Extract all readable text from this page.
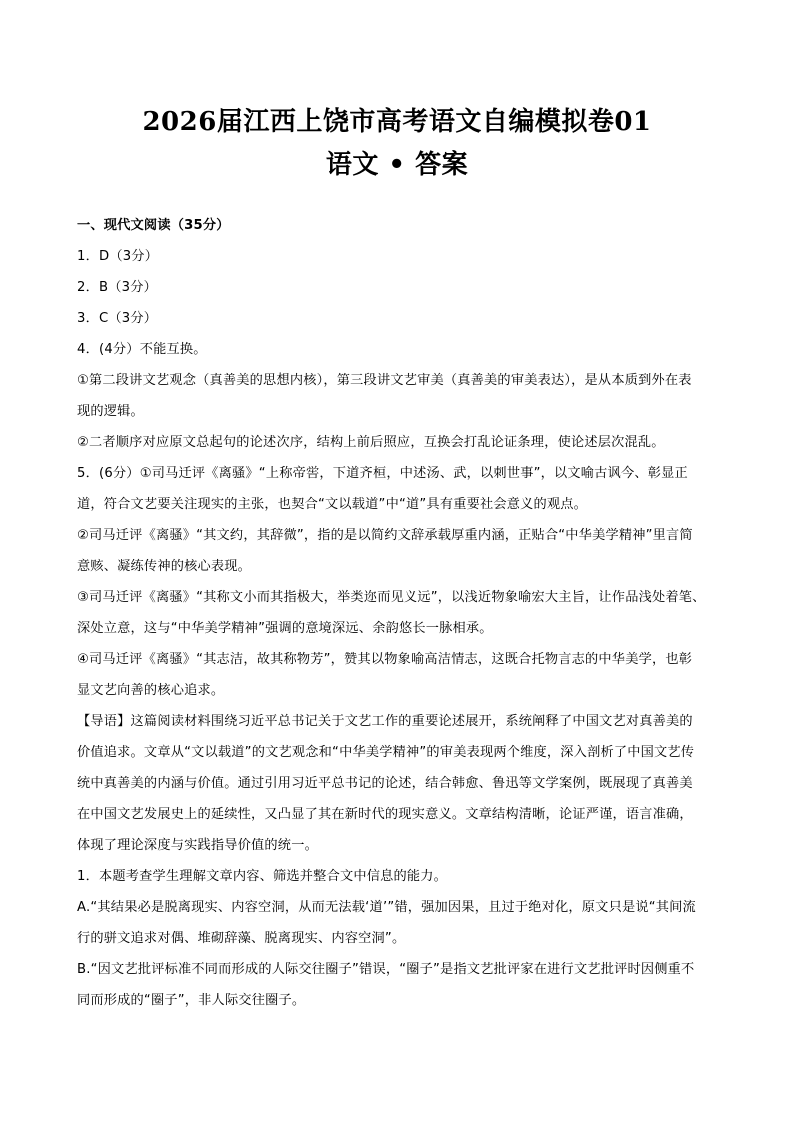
2026届江西上饶市高考语文自编模拟卷01
语文 • 答案
一、现代文阅读（35分）
1．D（3分）
2．B（3分）
3．C（3分）
4．(4分）不能互换。
①第二段讲文艺观念（真善美的思想内核），第三段讲文艺审美（真善美的审美表达），是从本质到外在表
现的逻辑。
②二者顺序对应原文总起句的论述次序，结构上前后照应，互换会打乱论证条理，使论述层次混乱。
5．(6分）①司马迁评《离骚》“上称帝喾，下道齐桓，中述汤、武，以刺世事”，以文喻古讽今、彰显正
道，符合文艺要关注现实的主张，也契合“文以载道”中“道”具有重要社会意义的观点。
②司马迁评《离骚》“其文约，其辞微”，指的是以简约文辞承载厚重内涵，正贴合“中华美学精神”里言简
意赅、凝练传神的核心表现。
③司马迁评《离骚》“其称文小而其指极大，举类迩而见义远”，以浅近物象喻宏大主旨，让作品浅处着笔、
深处立意，这与“中华美学精神”强调的意境深远、余韵悠长一脉相承。
④司马迁评《离骚》“其志洁，故其称物芳”，赞其以物象喻高洁情志，这既合托物言志的中华美学，也彰
显文艺向善的核心追求。
【导语】这篇阅读材料围绕习近平总书记关于文艺工作的重要论述展开，系统阐释了中国文艺对真善美的
价值追求。文章从“文以载道”的文艺观念和“中华美学精神”的审美表现两个维度，深入剖析了中国文艺传
统中真善美的内涵与价值。通过引用习近平总书记的论述，结合韩愈、鲁迅等文学案例，既展现了真善美
在中国文艺发展史上的延续性，又凸显了其在新时代的现实意义。文章结构清晰，论证严谨，语言准确，
体现了理论深度与实践指导价值的统一。
1．本题考查学生理解文章内容、筛选并整合文中信息的能力。
A.“其结果必是脱离现实、内容空洞，从而无法载‘道’”错，强加因果，且过于绝对化，原文只是说“其间流
行的骈文追求对偶、堆砌辞藻、脱离现实、内容空洞”。
B.“因文艺批评标准不同而形成的人际交往圈子”错误，“圈子”是指文艺批评家在进行文艺批评时因侧重不
同而形成的“圈子”，非人际交往圈子。
